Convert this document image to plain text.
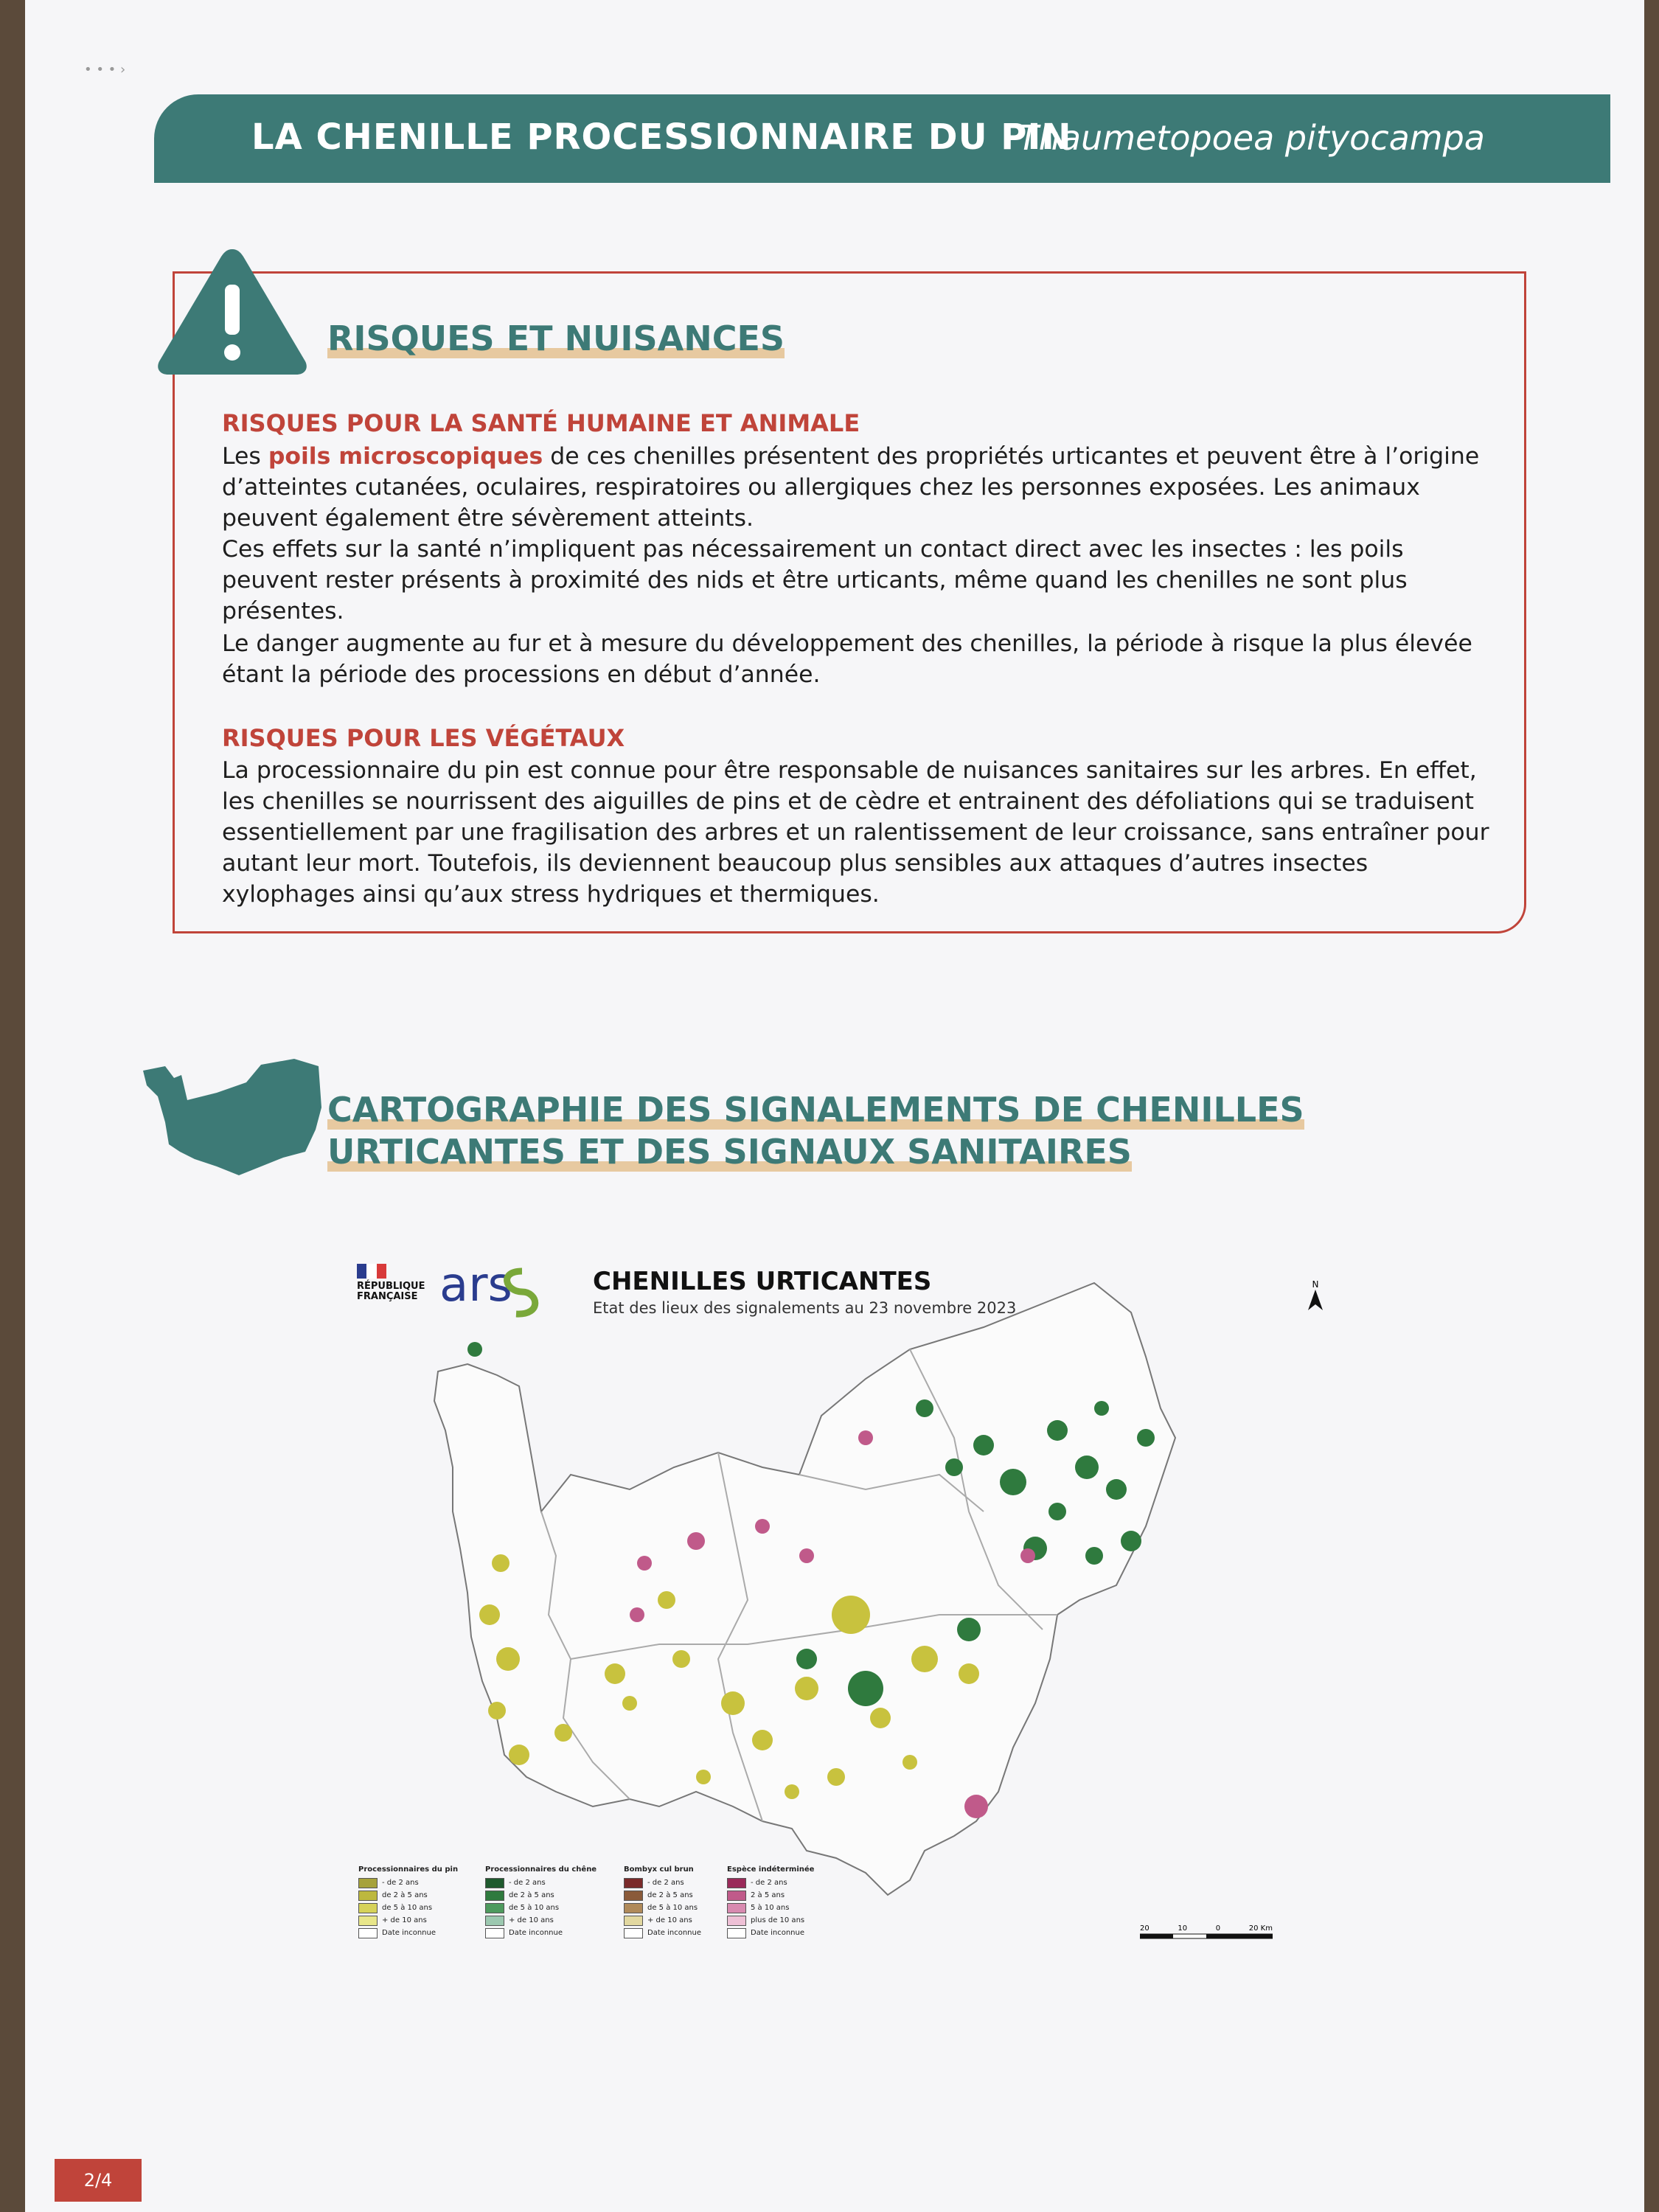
• • • ›
LA CHENILLE PROCESSIONNAIRE DU PIN
Thaumetopoea pityocampa
RISQUES ET NUISANCES
RISQUES POUR LA SANTÉ HUMAINE ET ANIMALE
Les poils microscopiques de ces chenilles présentent des propriétés urticantes et peuvent être à l’origine d’atteintes cutanées, oculaires, respiratoires ou allergiques chez les personnes exposées. Les animaux peuvent également être sévèrement atteints.
Ces effets sur la santé n’impliquent pas nécessairement un contact direct avec les insectes : les poils peuvent rester présents à proximité des nids et être urticants, même quand les chenilles ne sont plus présentes.
Le danger augmente au fur et à mesure du développement des chenilles, la période à risque la plus élevée étant la période des processions en début d’année.
RISQUES POUR LES VÉGÉTAUX
La processionnaire du pin est connue pour être responsable de nuisances sanitaires sur les arbres. En effet, les chenilles se nourrissent des aiguilles de pins et de cèdre et entrainent des défoliations qui se traduisent essentiellement par une fragilisation des arbres et un ralentissement de leur croissance, sans entraîner pour autant leur mort. Toutefois, ils deviennent beaucoup plus sensibles aux attaques d’autres insectes xylophages ainsi qu’aux stress hydriques et thermiques.
CARTOGRAPHIE DES SIGNALEMENTS DE CHENILLES
URTICANTES ET DES SIGNAUX SANITAIRES
RÉPUBLIQUE FRANÇAISE ars	CHENILLES URTICANTES
Etat des lieux des signalements au 23 novembre 2023
N
Processionnaires du pin
- de 2 ans
de 2 à 5 ans
de 5 à 10 ans
+ de 10 ans
Date inconnue
Processionnaires du chêne
- de 2 ans
de 2 à 5 ans
de 5 à 10 ans
+ de 10 ans
Date inconnue
Bombyx cul brun
- de 2 ans
de 2 à 5 ans
de 5 à 10 ans
+ de 10 ans
Date inconnue
Espèce indéterminée
- de 2 ans
2 à 5 ans
5 à 10 ans
plus de 10 ans
Date inconnue
20	10	0	20 Km
2/4
